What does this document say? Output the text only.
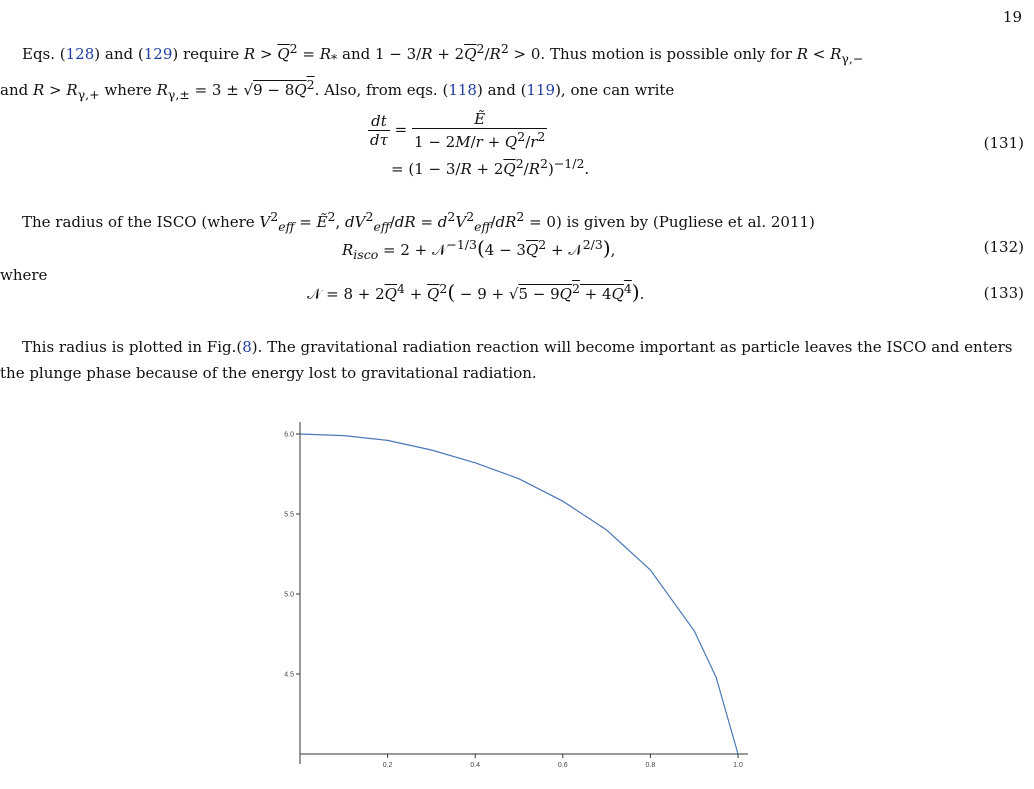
19
Eqs. (128) and (129) require $R > \overline{Q}^2 = R_*$ and $1 - 3/R + 2\overline{Q}^2/R^2 > 0$. Thus motion is possible only for $R < R_{\gamma,-}$
and $R > R_{\gamma,+}$ where $R_{\gamma,\pm} = 3 \pm √9 - 8Q^2$. Also, from eqs. (118) and (119), one can write
$\frac{dt}{d\tau} = \frac{\text{Ẽ}}{1 - 2M/r + Q^2/r^2}$
= $(1 - 3/R + 2\overline{Q}^2/R^2)^{-1/2}$.
(131)
The radius of the ISCO (where $V^2_{eff}$ = Ẽ$^2$, $dV^2_{eff}/dR = d^2V^2_{eff}/dR^2 = 0$) is given by (Pugliese et al. 2011)
$R_{isco} = 2$ + 𝒩$^{-1/3}$(4 − $3\overline{Q}^2$ + 𝒩$^{2/3}$),	(132)
where
𝒩 = $8 + 2\overline{Q}^4 + \overline{Q}^2( - 9 + √5 - 9Q^2 + 4Q^4)$.	(133)
This radius is plotted in Fig.(8). The gravitational radiation reaction will become important as particle leaves the ISCO and enters the plunge phase because of the energy lost to gravitational radiation.
0.2	0.4	0.6	0.8	1.0
6.0
5.5
5.0
4.5
